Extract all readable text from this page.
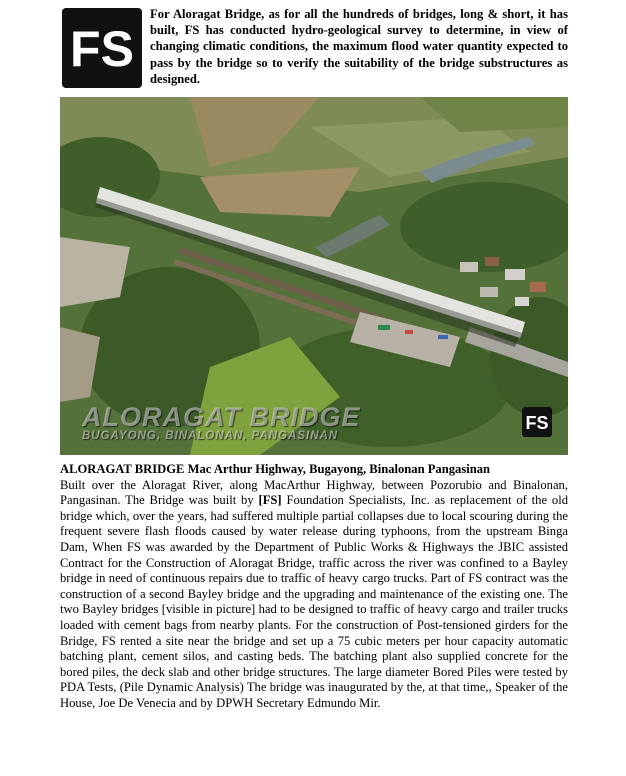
FS
For Aloragat Bridge, as for all the hundreds of bridges, long & short, it has built, FS has conducted hydro-geological survey to determine, in view of changing climatic conditions, the maximum flood water quantity expected to pass by the bridge so to verify the suitability of the bridge substructures as designed.
ALORAGAT BRIDGE
BUGAYONG, BINALONAN, PANGASINAN
FS
ALORAGAT BRIDGE Mac Arthur Highway, Bugayong, Binalonan Pangasinan

Built over the Aloragat River, along MacArthur Highway, between Pozorubio and Binalonan, Pangasinan. The Bridge was built by [FS] Foundation Specialists, Inc. as replacement of the old bridge which, over the years, had suffered multiple partial collapses due to local scouring during the frequent severe flash floods caused by water release during typhoons, from the upstream Binga Dam, When FS was awarded by the Department of Public Works & Highways the JBIC assisted Contract for the Construction of Aloragat Bridge, traffic across the river was confined to a Bayley bridge in need of continuous repairs due to traffic of heavy cargo trucks. Part of FS contract was the construction of a second Bayley bridge and the upgrading and maintenance of the existing one. The two Bayley bridges [visible in picture] had to be designed to traffic of heavy cargo and trailer trucks loaded with cement bags from nearby plants. For the construction of Post-tensioned girders for the Bridge, FS rented a site near the bridge and set up a 75 cubic meters per hour capacity automatic batching plant, cement silos, and casting beds. The batching plant also supplied concrete for the bored piles, the deck slab and other bridge structures. The large diameter Bored Piles were tested by PDA Tests, (Pile Dynamic Analysis) The bridge was inaugurated by the, at that time,, Speaker of the House, Joe De Venecia and by DPWH Secretary Edmundo Mir.
